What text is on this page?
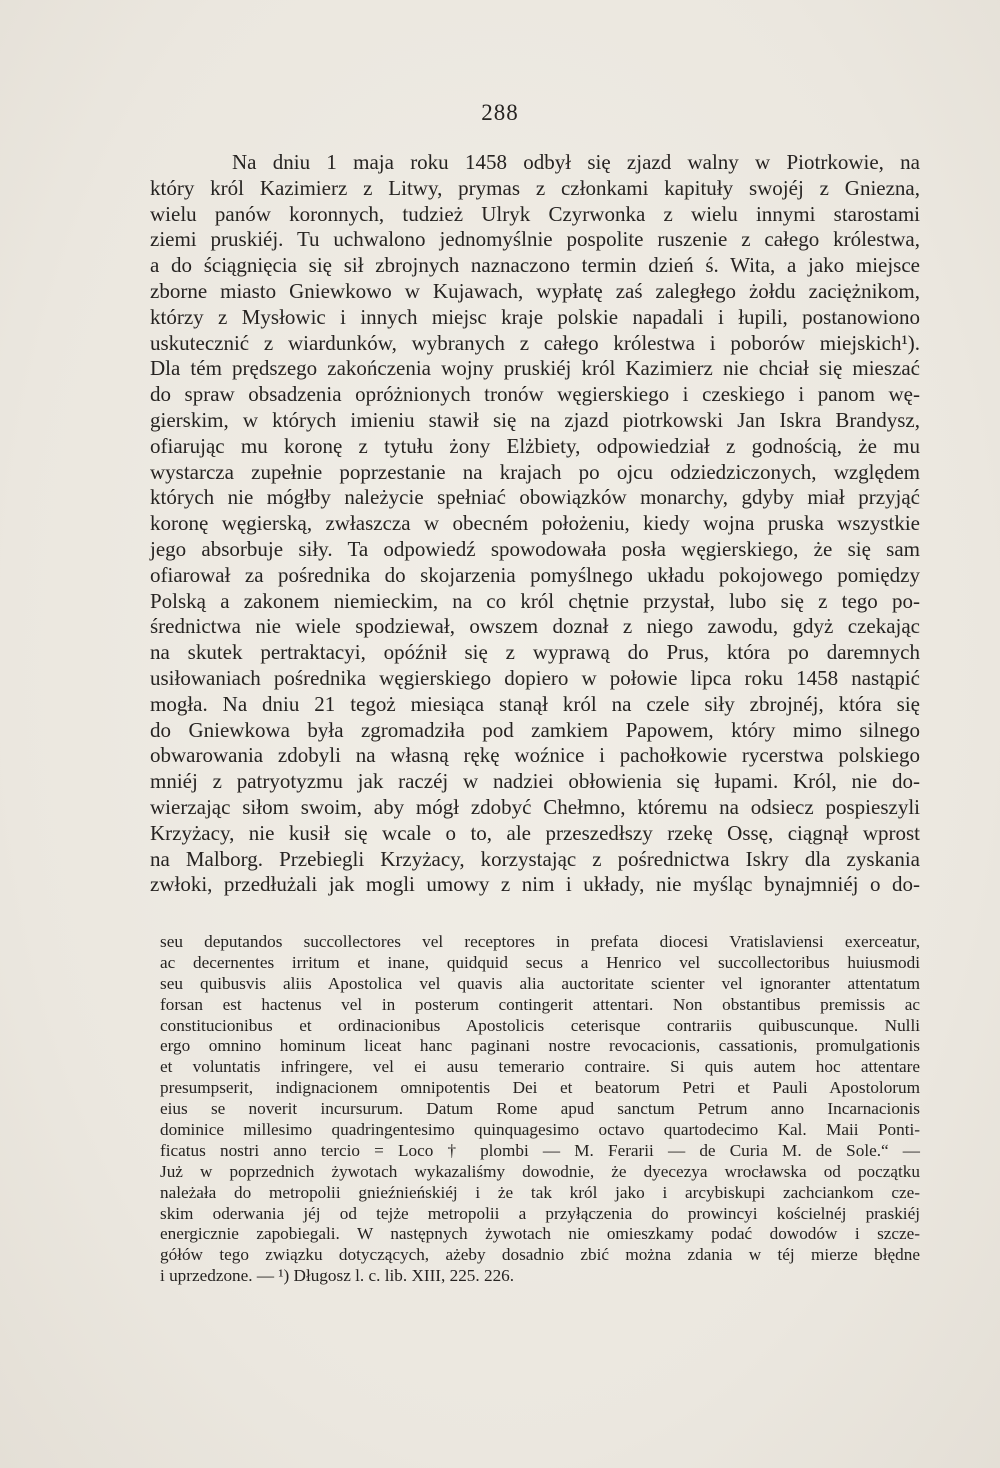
288
Na dniu 1 maja roku 1458 odbył się zjazd walny w Piotrkowie, na
który król Kazimierz z Litwy, prymas z członkami kapituły swojéj z Gniezna,
wielu panów koronnych, tudzież Ulryk Czyrwonka z wielu innymi starostami
ziemi pruskiéj. Tu uchwalono jednomyślnie pospolite ruszenie z całego królestwa,
a do ściągnięcia się sił zbrojnych naznaczono termin dzień ś. Wita, a jako miejsce
zborne miasto Gniewkowo w Kujawach, wypłatę zaś zaległego żołdu zaciężnikom,
którzy z Mysłowic i innych miejsc kraje polskie napadali i łupili, postanowiono
uskutecznić z wiardunków, wybranych z całego królestwa i poborów miejskich¹).
Dla tém prędszego zakończenia wojny pruskiéj król Kazimierz nie chciał się mieszać
do spraw obsadzenia opróżnionych tronów węgierskiego i czeskiego i panom wę-
gierskim, w których imieniu stawił się na zjazd piotrkowski Jan Iskra Brandysz,
ofiarując mu koronę z tytułu żony Elżbiety, odpowiedział z godnością, że mu
wystarcza zupełnie poprzestanie na krajach po ojcu odziedziczonych, względem
których nie mógłby należycie spełniać obowiązków monarchy, gdyby miał przyjąć
koronę węgierską, zwłaszcza w obecném położeniu, kiedy wojna pruska wszystkie
jego absorbuje siły. Ta odpowiedź spowodowała posła węgierskiego, że się sam
ofiarował za pośrednika do skojarzenia pomyślnego układu pokojowego pomiędzy
Polską a zakonem niemieckim, na co król chętnie przystał, lubo się z tego po-
średnictwa nie wiele spodziewał, owszem doznał z niego zawodu, gdyż czekając
na skutek pertraktacyi, opóźnił się z wyprawą do Prus, która po daremnych
usiłowaniach pośrednika węgierskiego dopiero w połowie lipca roku 1458 nastąpić
mogła. Na dniu 21 tegoż miesiąca stanął król na czele siły zbrojnéj, która się
do Gniewkowa była zgromadziła pod zamkiem Papowem, który mimo silnego
obwarowania zdobyli na własną rękę woźnice i pachołkowie rycerstwa polskiego
mniéj z patryotyzmu jak raczéj w nadziei obłowienia się łupami. Król, nie do-
wierzając siłom swoim, aby mógł zdobyć Chełmno, któremu na odsiecz pospieszyli
Krzyżacy, nie kusił się wcale o to, ale przeszedłszy rzekę Ossę, ciągnął wprost
na Malborg. Przebiegli Krzyżacy, korzystając z pośrednictwa Iskry dla zyskania
zwłoki, przedłużali jak mogli umowy z nim i układy, nie myśląc bynajmniéj o do-
seu deputandos succollectores vel receptores in prefata diocesi Vratislaviensi exerceatur,
ac decernentes irritum et inane, quidquid secus a Henrico vel succollectoribus huiusmodi
seu quibusvis aliis Apostolica vel quavis alia auctoritate scienter vel ignoranter attentatum
forsan est hactenus vel in posterum contingerit attentari. Non obstantibus premissis ac
constitucionibus et ordinacionibus Apostolicis ceterisque contrariis quibuscunque. Nulli
ergo omnino hominum liceat hanc paginani nostre revocacionis, cassationis, promulgationis
et voluntatis infringere, vel ei ausu temerario contraire. Si quis autem hoc attentare
presumpserit, indignacionem omnipotentis Dei et beatorum Petri et Pauli Apostolorum
eius se noverit incursurum. Datum Rome apud sanctum Petrum anno Incarnacionis
dominice millesimo quadringentesimo quinquagesimo octavo quartodecimo Kal. Maii Ponti-
ficatus nostri anno tercio = Loco † plombi — M. Ferarii — de Curia M. de Sole.“ —
Już w poprzednich żywotach wykazaliśmy dowodnie, że dyecezya wrocławska od początku
należała do metropolii gnieźnieńskiéj i że tak król jako i arcybiskupi zachciankom cze-
skim oderwania jéj od tejże metropolii a przyłączenia do prowincyi kościelnéj praskiéj
energicznie zapobiegali. W następnych żywotach nie omieszkamy podać dowodów i szcze-
gółów tego związku dotyczących, ażeby dosadnio zbić można zdania w téj mierze błędne
i uprzedzone. — ¹) Długosz l. c. lib. XIII, 225. 226.
